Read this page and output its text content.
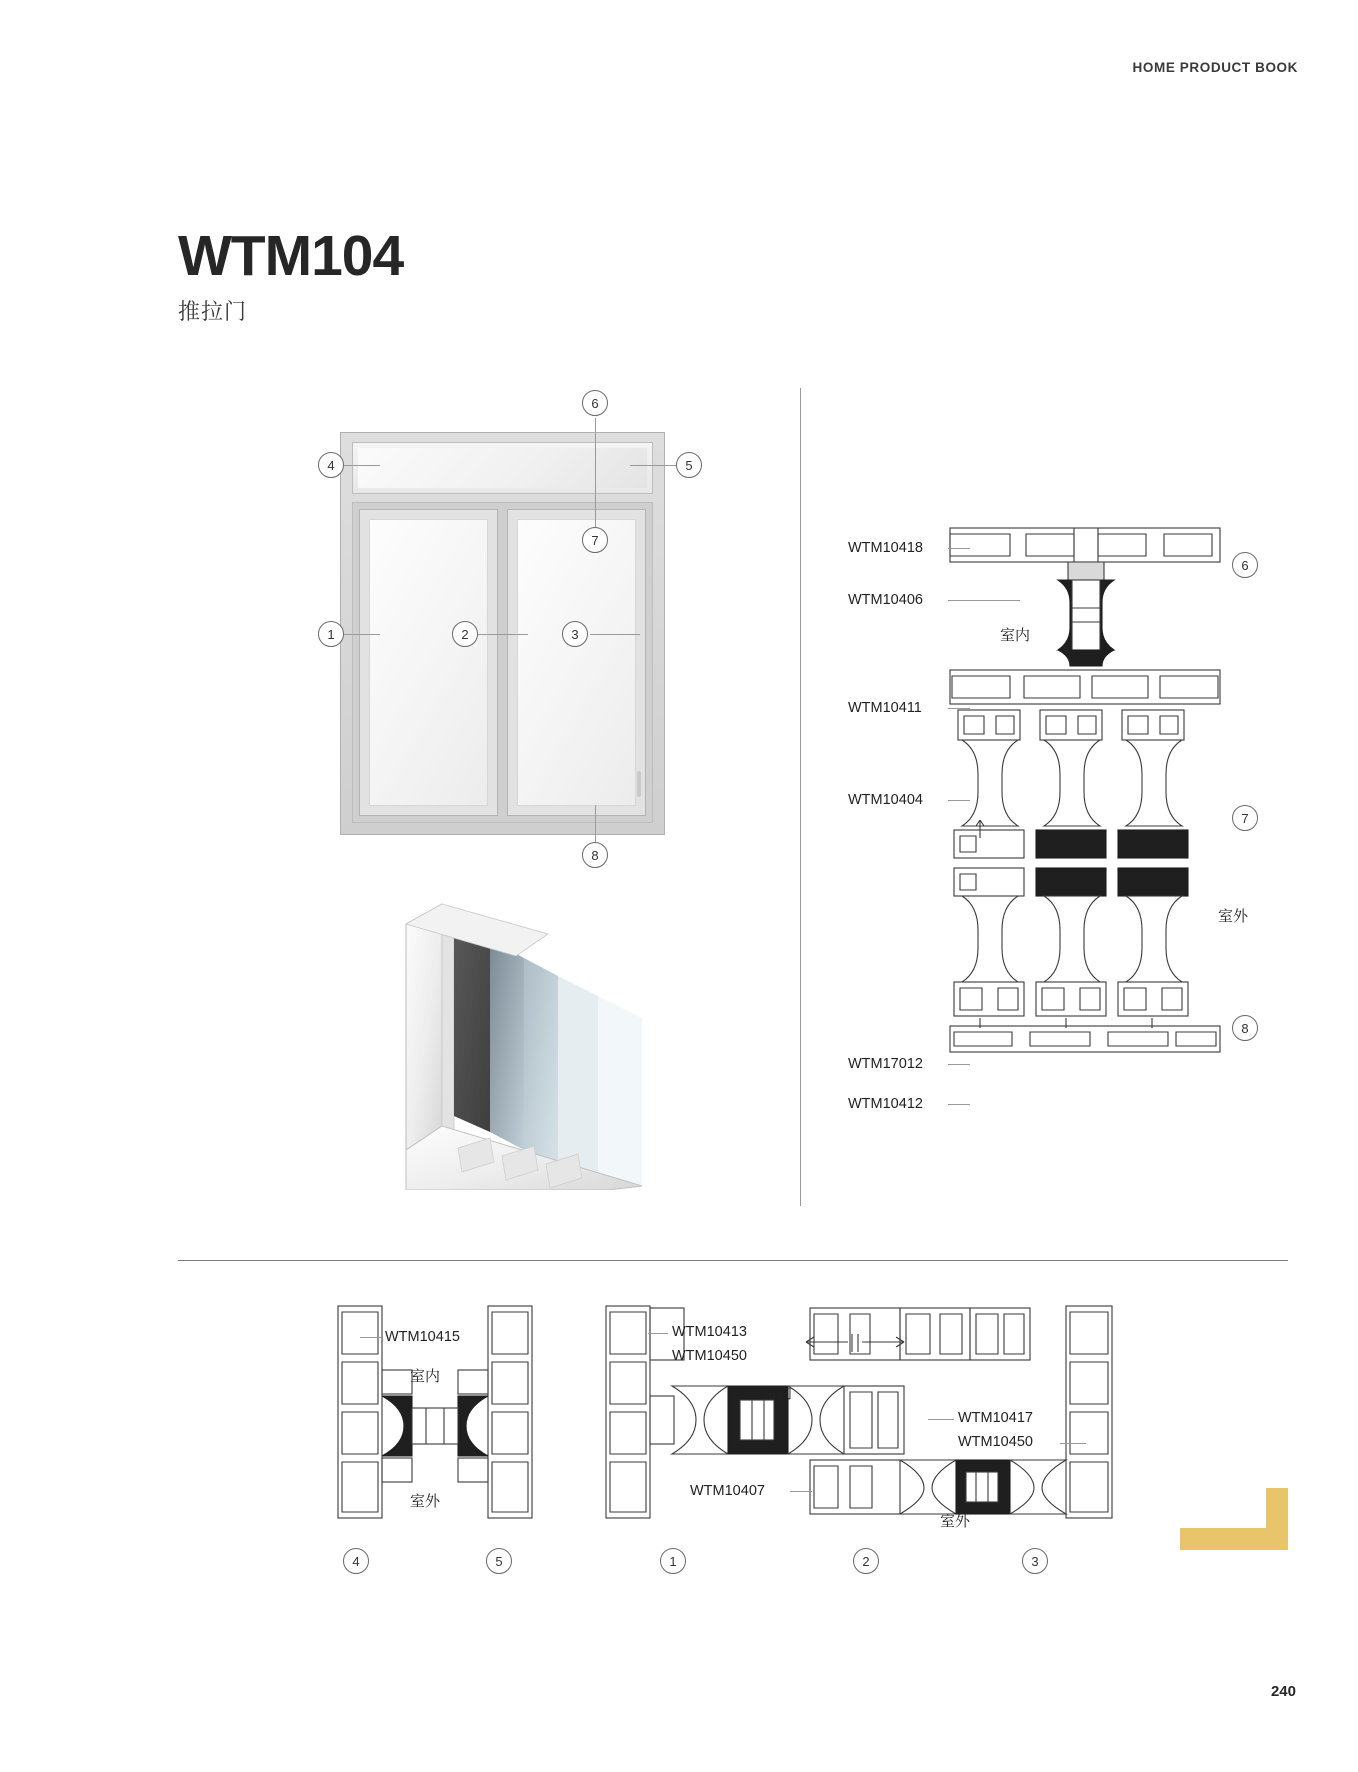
HOME PRODUCT BOOK
WTM104
推拉门
6
4	5
7
1	2	3
8
WTM10418
WTM10406
WTM10411
WTM10404
WTM17012
WTM10412
室内
室外
6
7
8
WTM10415
室内
室外
4	5
WTM10413
WTM10450
WTM10417
WTM10450
WTM10407
室内
室外
1	2	3
240
